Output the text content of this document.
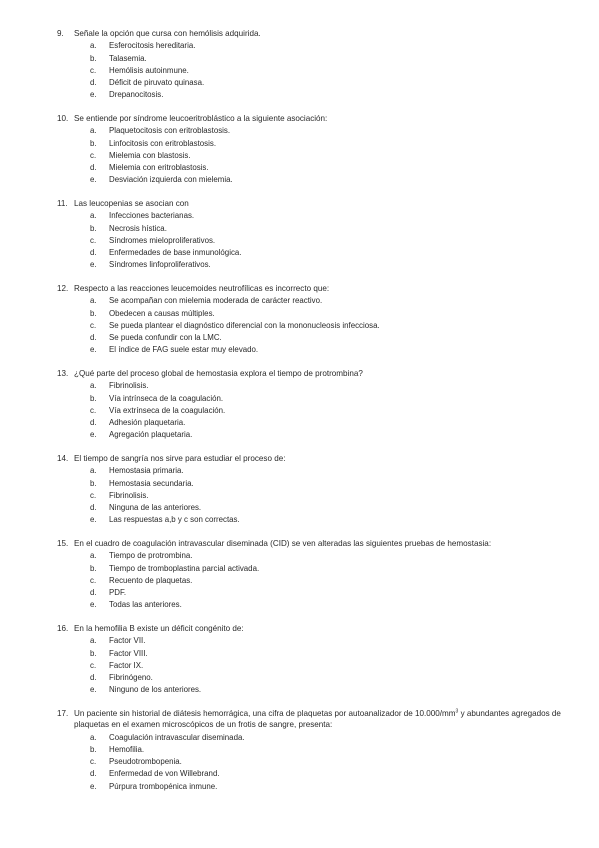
9.	Señale la opción que cursa con hemólisis adquirida.
a.	Esferocitosis hereditaria.
b.	Talasemia.
c.	Hemólisis autoinmune.
d.	Déficit de piruvato quinasa.
e.	Drepanocitosis.
10. Se entiende por síndrome leucoeritroblástico a la siguiente asociación:
a.	Plaquetocitosis con eritroblastosis.
b.	Linfocitosis con eritroblastosis.
c.	Mielemia con blastosis.
d.	Mielemia con eritroblastosis.
e.	Desviación izquierda con mielemia.
11. Las leucopenias se asocian con
a.	Infecciones bacterianas.
b.	Necrosis hística.
c.	Síndromes mieloproliferativos.
d.	Enfermedades de base inmunológica.
e.	Síndromes linfoproliferativos.
12. Respecto a las reacciones leucemoides neutrofílicas es incorrecto que:
a.	Se acompañan con mielemia moderada de carácter reactivo.
b.	Obedecen a causas múltiples.
c.	Se pueda plantear el diagnóstico diferencial con la mononucleosis infecciosa.
d.	Se pueda confundir con la LMC.
e.	El índice de FAG suele estar muy elevado.
13. ¿Qué parte del proceso global de hemostasia explora el tiempo de protrombina?
a.	Fibrinolisis.
b.	Vía intrínseca de la coagulación.
c.	Vía extrínseca de la coagulación.
d.	Adhesión plaquetaria.
e.	Agregación plaquetaria.
14. El tiempo de sangría nos sirve para estudiar el proceso de:
a.	Hemostasia primaria.
b.	Hemostasia secundaria.
c.	Fibrinolisis.
d.	Ninguna de las anteriores.
e.	Las respuestas a,b y c son correctas.
15. En el cuadro de coagulación intravascular diseminada (CID) se ven alteradas las siguientes pruebas de hemostasia:
a.	Tiempo de protrombina.
b.	Tiempo de tromboplastina parcial activada.
c.	Recuento de plaquetas.
d.	PDF.
e.	Todas las anteriores.
16. En la hemofilia B existe un déficit congénito de:
a.	Factor VII.
b.	Factor VIII.
c.	Factor IX.
d.	Fibrinógeno.
e.	Ninguno de los anteriores.
17. Un paciente sin historial de diátesis hemorrágica, una cifra de plaquetas por autoanalizador de $10.000/mm^3$ y abundantes agregados de plaquetas en el examen microscópicos de un frotis de sangre, presenta:
a.	Coagulación intravascular diseminada.
b.	Hemofilia.
c.	Pseudotrombopenia.
d.	Enfermedad de von Willebrand.
e.	Púrpura trombopénica inmune.
